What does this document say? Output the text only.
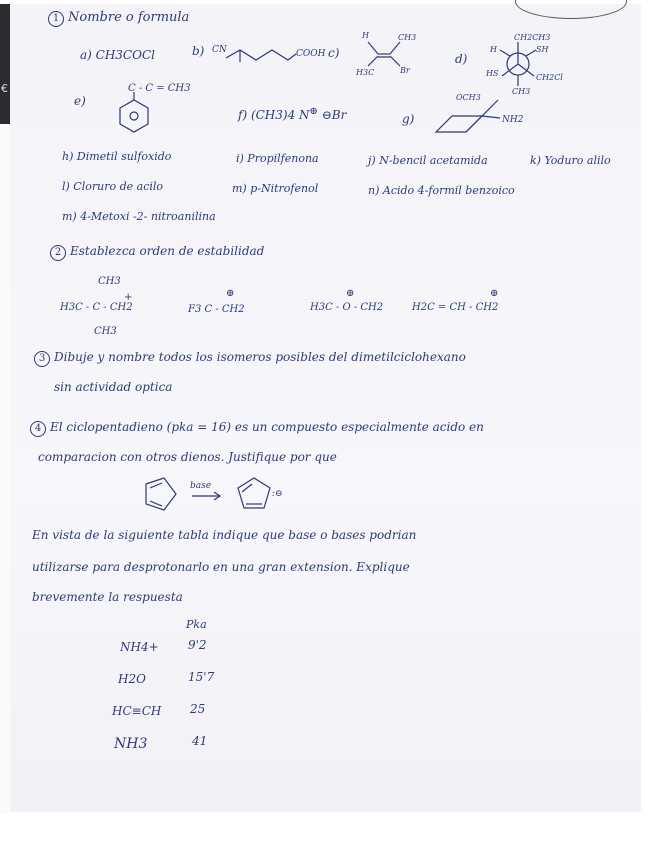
€
1 Nombre o formula
a) CH3COCl	b) CN	COOH c)
H	CH3
H3C	Br
d)
CH2CH3
H	SH
HS	CH2Cl
CH3
e)
C - C = CH3
f) (CH3)4 N⊕ ⊖Br	g)
OCH3
NH2
h) Dimetil sulfoxido	i) Propilfenona	j) N-bencil acetamida	k) Yoduro alilo
l) Cloruro de acilo	m) p-Nitrofenol	n) Acido 4-formil benzoico
m) 4-Metoxi -2- nitroanilina
2 Establezca orden de estabilidad
CH3
+
H3C - C - CH2
CH3
⊕
F3 C - CH2
⊕
H3C - O - CH2
⊕
H2C = CH - CH2
3 Dibuje y nombre todos los isomeros posibles del dimetilciclohexano
sin actividad optica
4 El ciclopentadieno (pka = 16) es un compuesto especialmente acido en
comparacion con otros dienos. Justifique por que
base
:⊖
En vista de la siguiente tabla indique que base o bases podrian
utilizarse para desprotonarlo en una gran extension. Explique
brevemente la respuesta
Pka
NH4+ 9'2
H2O	15'7
HC≡CH 25
NH3	41
